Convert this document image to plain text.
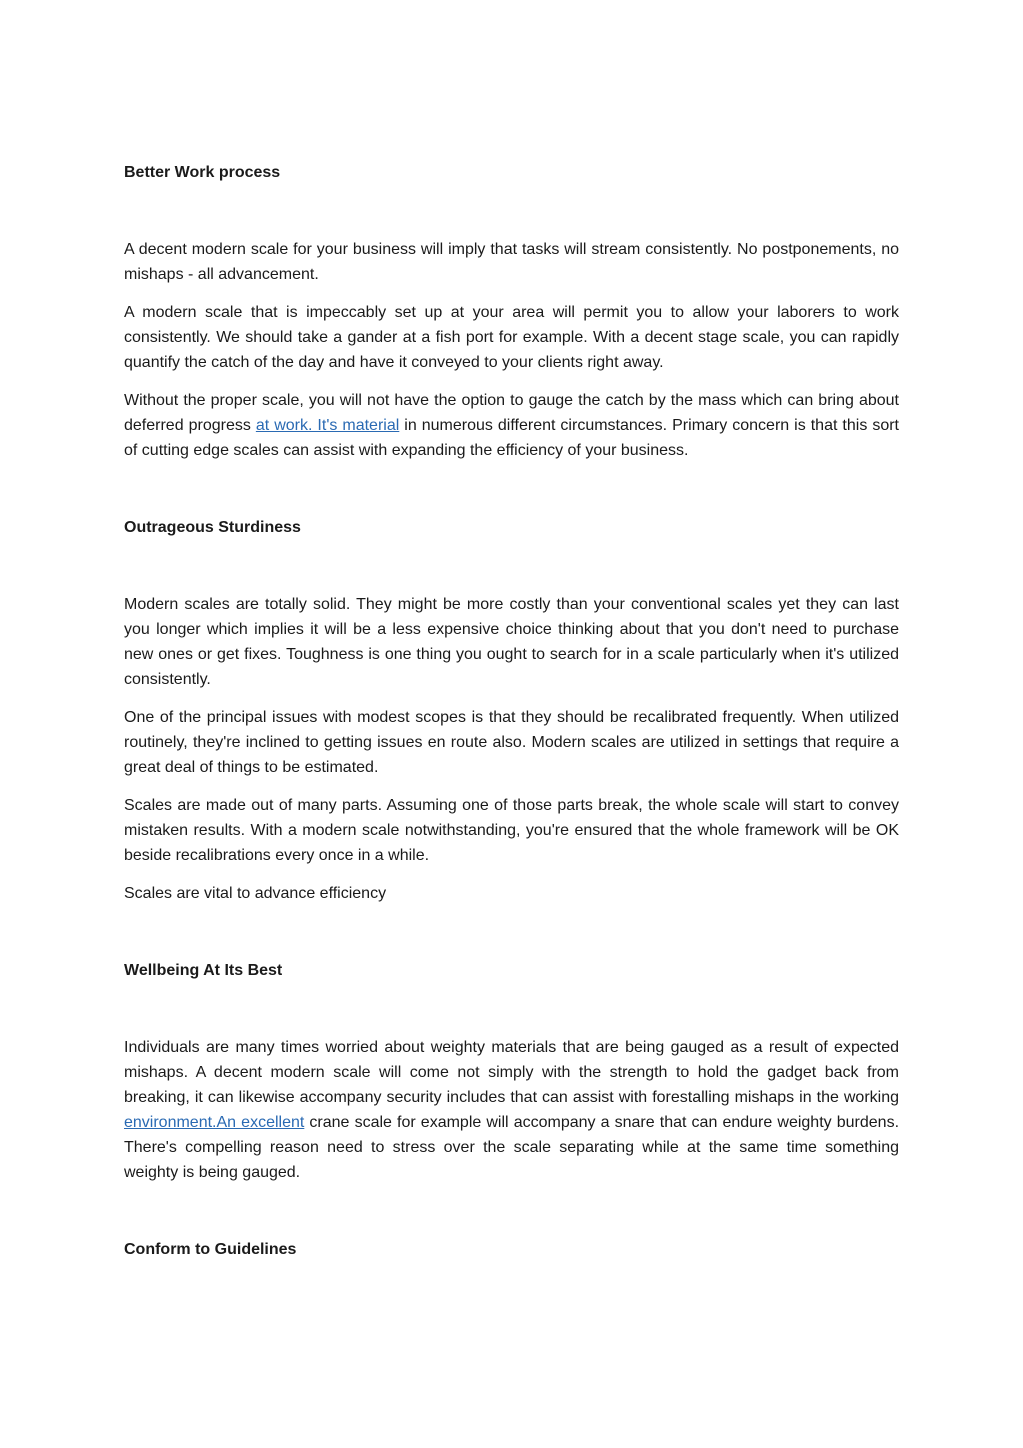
Better Work process

A decent modern scale for your business will imply that tasks will stream consistently. No postponements, no mishaps - all advancement.

A modern scale that is impeccably set up at your area will permit you to allow your laborers to work consistently. We should take a gander at a fish port for example. With a decent stage scale, you can rapidly quantify the catch of the day and have it conveyed to your clients right away.

Without the proper scale, you will not have the option to gauge the catch by the mass which can bring about deferred progress at work. It's material in numerous different circumstances. Primary concern is that this sort of cutting edge scales can assist with expanding the efficiency of your business.

Outrageous Sturdiness

Modern scales are totally solid. They might be more costly than your conventional scales yet they can last you longer which implies it will be a less expensive choice thinking about that you don't need to purchase new ones or get fixes. Toughness is one thing you ought to search for in a scale particularly when it's utilized consistently.

One of the principal issues with modest scopes is that they should be recalibrated frequently. When utilized routinely, they're inclined to getting issues en route also. Modern scales are utilized in settings that require a great deal of things to be estimated.

Scales are made out of many parts. Assuming one of those parts break, the whole scale will start to convey mistaken results. With a modern scale notwithstanding, you're ensured that the whole framework will be OK beside recalibrations every once in a while.

Scales are vital to advance efficiency

Wellbeing At Its Best

Individuals are many times worried about weighty materials that are being gauged as a result of expected mishaps. A decent modern scale will come not simply with the strength to hold the gadget back from breaking, it can likewise accompany security includes that can assist with forestalling mishaps in the working environment.An excellent crane scale for example will accompany a snare that can endure weighty burdens. There's compelling reason need to stress over the scale separating while at the same time something weighty is being gauged.

Conform to Guidelines
